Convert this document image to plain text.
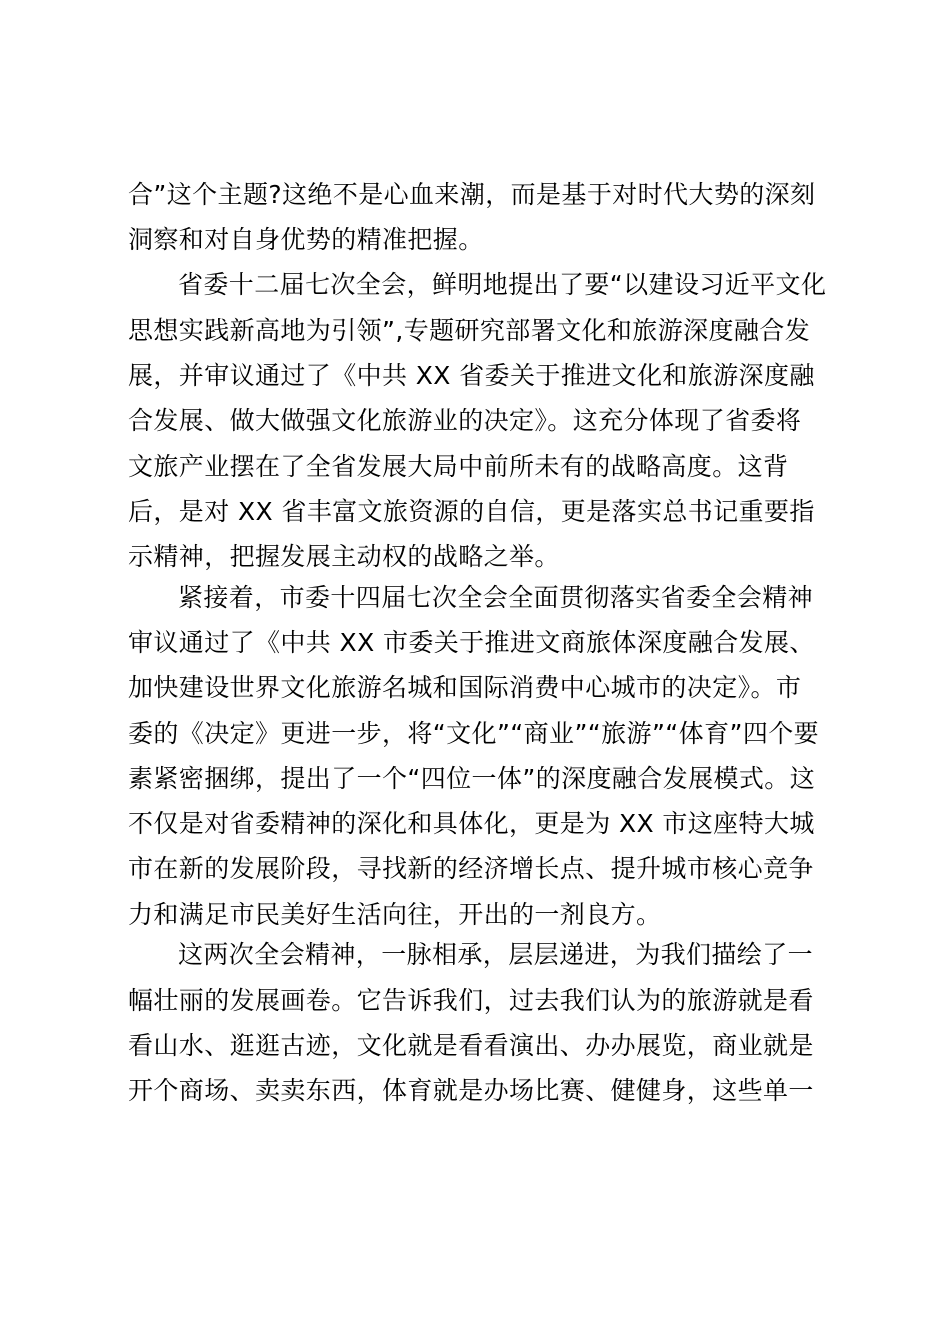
合”这个主题?这绝不是心血来潮，而是基于对时代大势的深刻
洞察和对自身优势的精准把握。
省委十二届七次全会，鲜明地提出了要“以建设习近平文化
思想实践新高地为引领”,专题研究部署文化和旅游深度融合发
展，并审议通过了《中共 XX 省委关于推进文化和旅游深度融
合发展、做大做强文化旅游业的决定》。这充分体现了省委将
文旅产业摆在了全省发展大局中前所未有的战略高度。这背
后，是对 XX 省丰富文旅资源的自信，更是落实总书记重要指
示精神，把握发展主动权的战略之举。
紧接着，市委十四届七次全会全面贯彻落实省委全会精神
审议通过了《中共 XX 市委关于推进文商旅体深度融合发展、
加快建设世界文化旅游名城和国际消费中心城市的决定》。市
委的《决定》更进一步，将“文化”“商业”“旅游”“体育”四个要
素紧密捆绑，提出了一个“四位一体”的深度融合发展模式。这
不仅是对省委精神的深化和具体化，更是为 XX 市这座特大城
市在新的发展阶段，寻找新的经济增长点、提升城市核心竞争
力和满足市民美好生活向往，开出的一剂良方。
这两次全会精神，一脉相承，层层递进，为我们描绘了一
幅壮丽的发展画卷。它告诉我们，过去我们认为的旅游就是看
看山水、逛逛古迹，文化就是看看演出、办办展览，商业就是
开个商场、卖卖东西，体育就是办场比赛、健健身，这些单一
